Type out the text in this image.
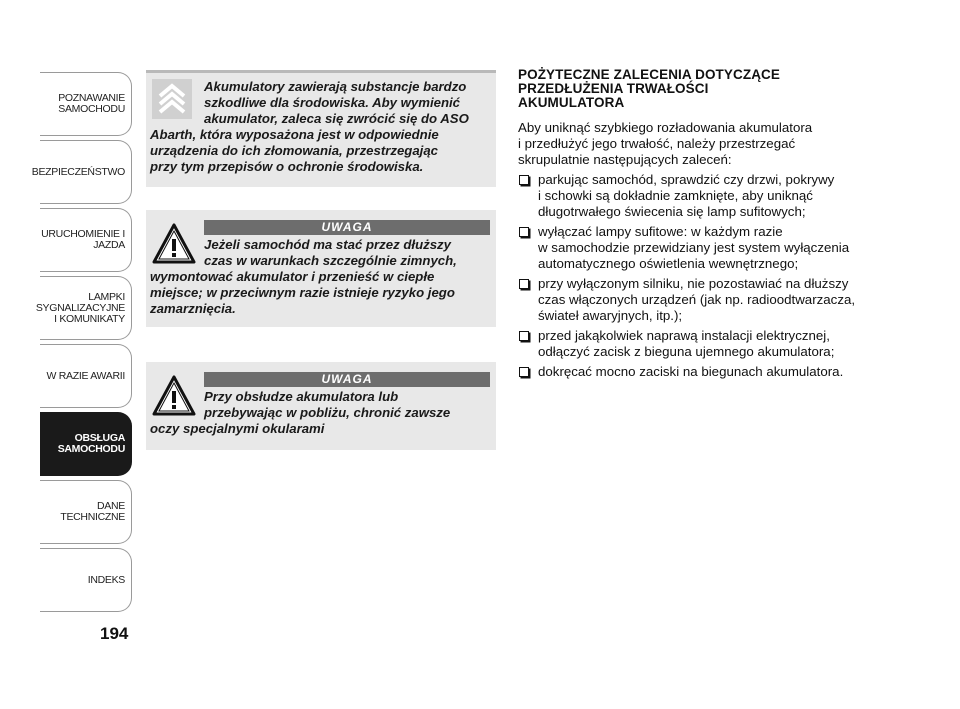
POZNAWANIE SAMOCHODU
BEZPIECZEŃSTWO
URUCHOMIENIE I JAZDA
LAMPKI SYGNALIZACYJNE I KOMUNIKATY
W RAZIE AWARII
OBSŁUGA SAMOCHODU
DANE TECHNICZNE
INDEKS
194

Akumulatory zawierają substancje bardzo
szkodliwe dla środowiska. Aby wymienić
akumulator, zaleca się zwrócić się do ASO
Abarth, która wyposażona jest w odpowiednie
urządzenia do ich złomowania, przestrzegając
przy tym przepisów o ochronie środowiska.

UWAGA

Jeżeli samochód ma stać przez dłuższy
czas w warunkach szczególnie zimnych,
wymontować akumulator i przenieść w ciepłe
miejsce; w przeciwnym razie istnieje ryzyko jego
zamarznięcia.

UWAGA

Przy obsłudze akumulatora lub
przebywając w pobliżu, chronić zawsze
oczy specjalnymi okularami

POŻYTECZNE ZALECENIA DOTYCZĄCE
PRZEDŁUŻENIA TRWAŁOŚCI
AKUMULATORA

Aby uniknąć szybkiego rozładowania akumulatora
i przedłużyć jego trwałość, należy przestrzegać
skrupulatnie następujących zaleceń:

parkując samochód, sprawdzić czy drzwi, pokrywy
i schowki są dokładnie zamknięte, aby uniknąć
długotrwałego świecenia się lamp sufitowych;
wyłączać lampy sufitowe: w każdym razie
w samochodzie przewidziany jest system wyłączenia
automatycznego oświetlenia wewnętrznego;
przy wyłączonym silniku, nie pozostawiać na dłuższy
czas włączonych urządzeń (jak np. radioodtwarzacza,
świateł awaryjnych, itp.);
przed jakąkolwiek naprawą instalacji elektrycznej,
odłączyć zacisk z bieguna ujemnego akumulatora;
dokręcać mocno zaciski na biegunach akumulatora.
